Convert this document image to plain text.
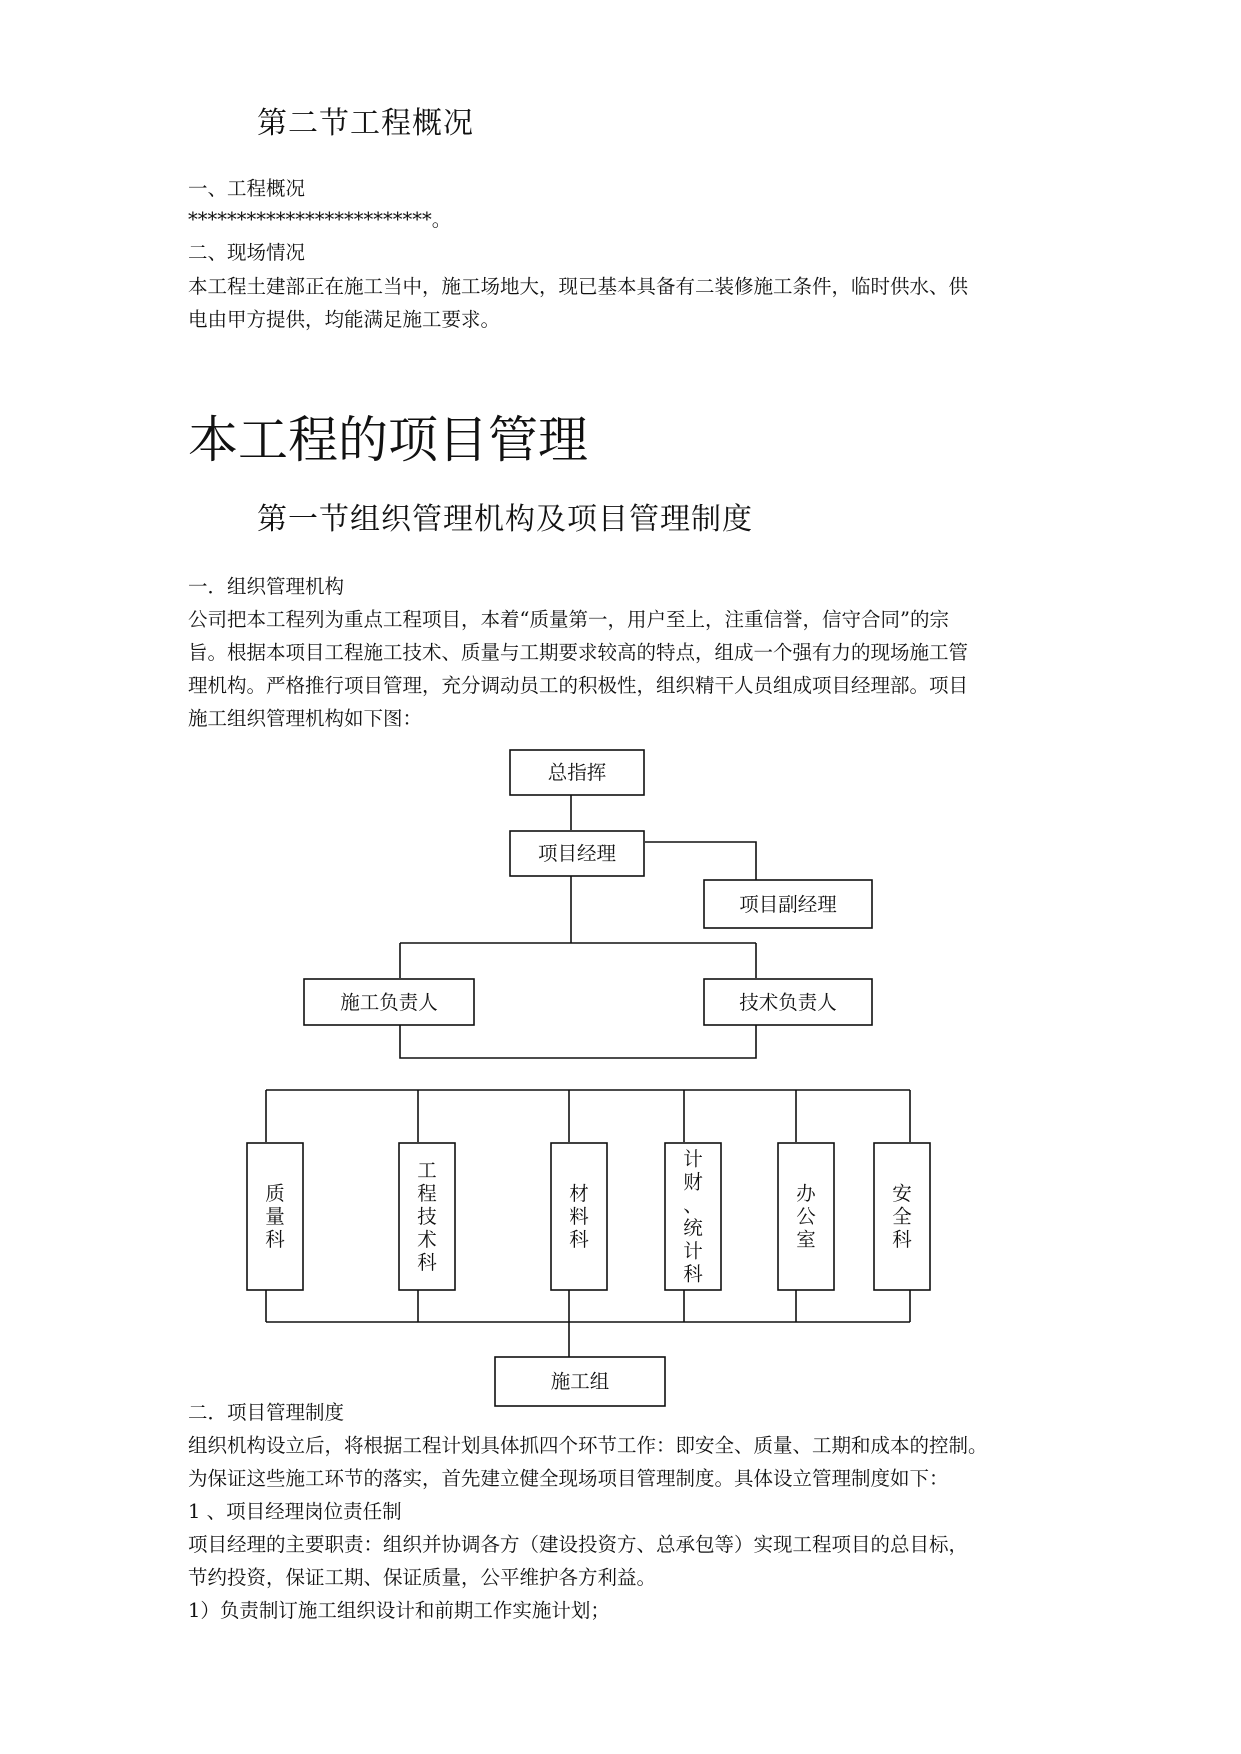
第二节工程概况
一、工程概况
*************************。
二、现场情况
本工程土建部正在施工当中，施工场地大，现已基本具备有二装修施工条件，临时供水、供
电由甲方提供，均能满足施工要求。
本工程的项目管理
第一节组织管理机构及项目管理制度
一．组织管理机构
公司把本工程列为重点工程项目，本着“质量第一，用户至上，注重信誉，信守合同”的宗
旨。根据本项目工程施工技术、质量与工期要求较高的特点，组成一个强有力的现场施工管
理机构。严格推行项目管理，充分调动员工的积极性，组织精干人员组成项目经理部。项目
施工组织管理机构如下图：
总指挥
项目经理
项目副经理
施工负责人	技术负责人
质
量
科
工
程
技
术
科
材
料
科
计
财
、
统
计
科
办
公
室
安
全
科
施工组
二．项目管理制度
组织机构设立后，将根据工程计划具体抓四个环节工作：即安全、质量、工期和成本的控制。
为保证这些施工环节的落实，首先建立健全现场项目管理制度。具体设立管理制度如下：
1 、项目经理岗位责任制
项目经理的主要职责：组织并协调各方（建设投资方、总承包等）实现工程项目的总目标，
节约投资，保证工期、保证质量，公平维护各方利益。
1）负责制订施工组织设计和前期工作实施计划；
